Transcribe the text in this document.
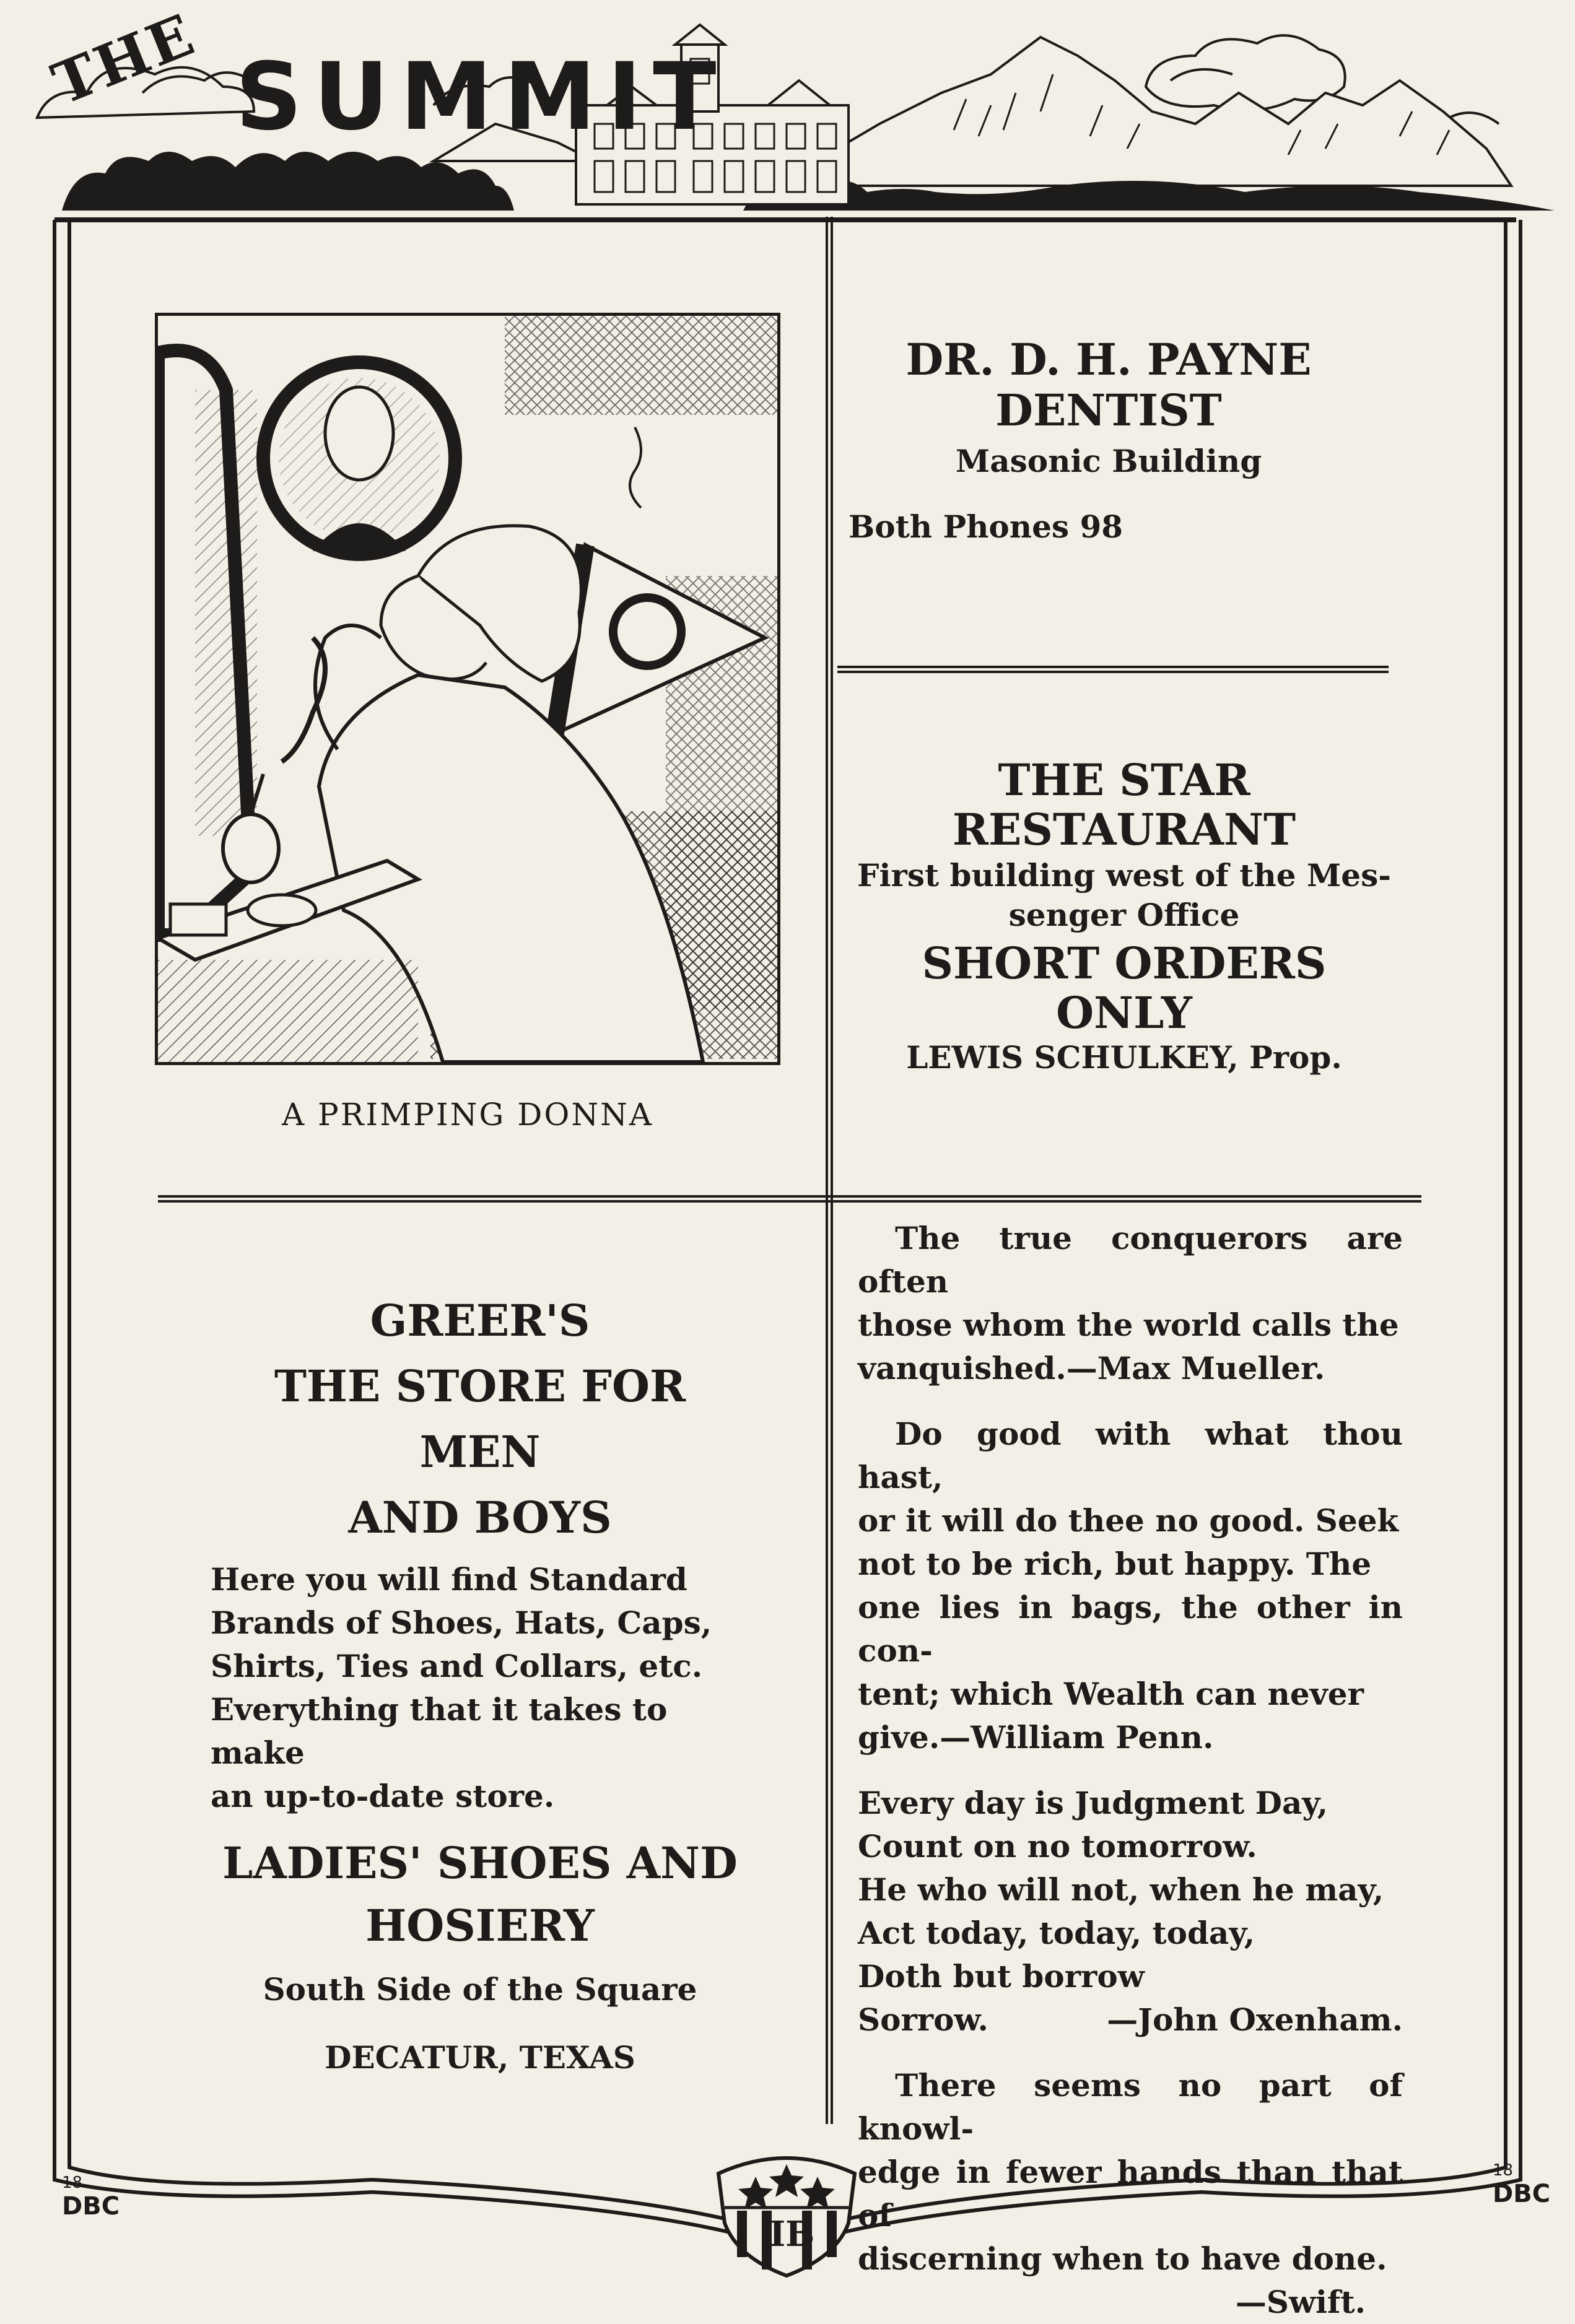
THE SUMMIT
A PRIMPING DONNA
DR. D. H. PAYNE
DENTIST
Masonic Building
Both Phones 98
THE STAR
RESTAURANT
First building west of the Mes-
senger Office
SHORT ORDERS
ONLY
LEWIS SCHULKEY, Prop.
GREER'S
THE STORE FOR MEN
AND BOYS
Here you will find Standard
Brands of Shoes, Hats, Caps,
Shirts, Ties and Collars, etc.
Everything that it takes to make
an up-to-date store.
LADIES' SHOES AND
HOSIERY
South Side of the Square
DECATUR, TEXAS
The true conquerors are often
those whom the world calls the
vanquished.—Max Mueller.
Do good with what thou hast,
or it will do thee no good. Seek
not to be rich, but happy. The
one lies in bags, the other in con-
tent; which Wealth can never
give.—William Penn.
Every day is Judgment Day,
Count on no tomorrow.
He who will not, when he may,
Act today, today, today,
Doth but borrow
Sorrow.	—John Oxenham.
There seems no part of knowl-
edge in fewer hands than that of
discerning when to have done.
—Swift.
18
DBC
18
DBC
I B
